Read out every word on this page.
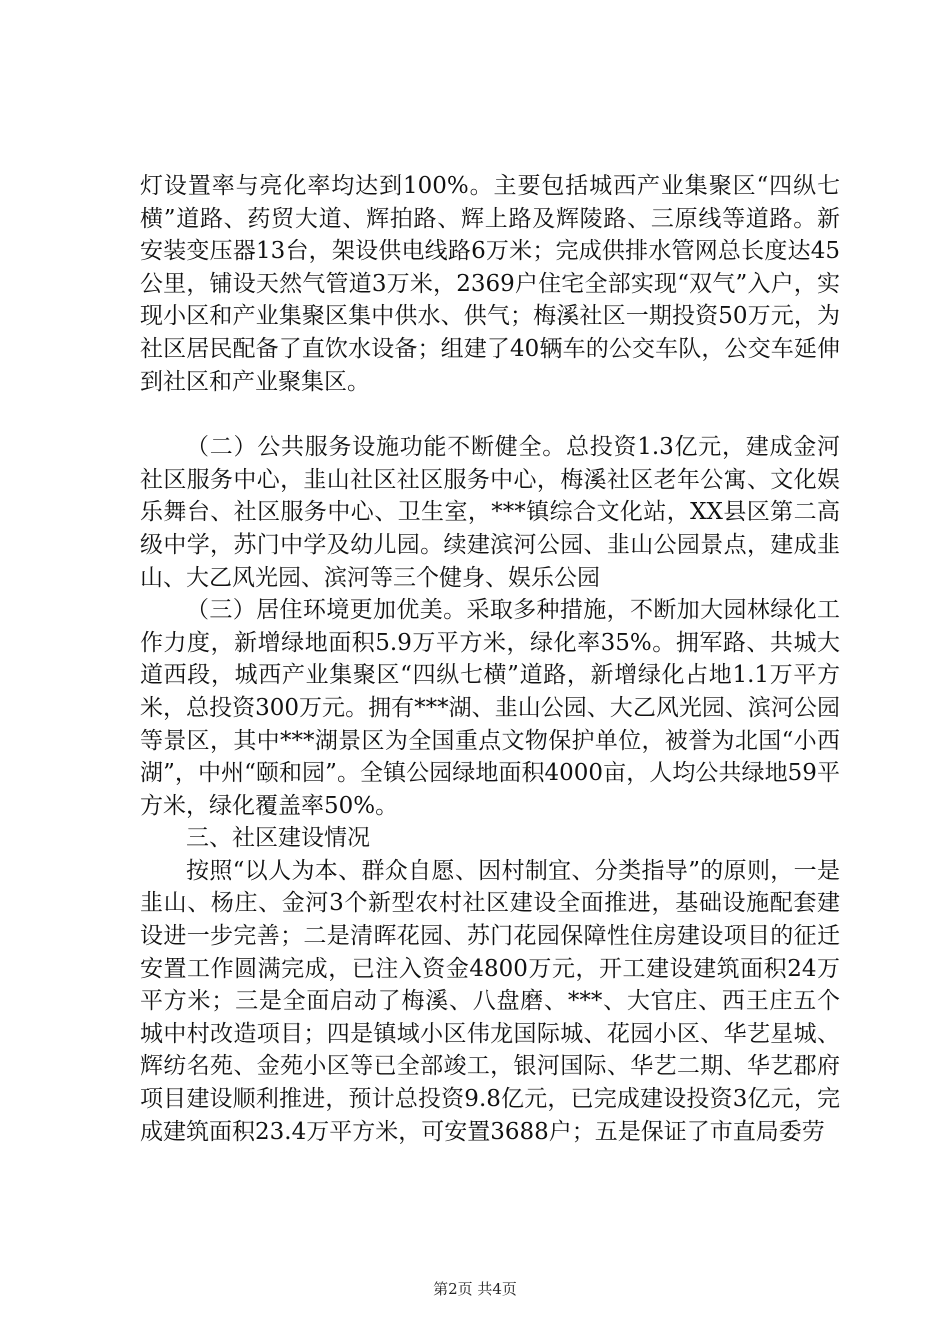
灯设置率与亮化率均达到100%。主要包括城西产业集聚区“四纵七横”道路、药贸大道、辉拍路、辉上路及辉陵路、三原线等道路。新安装变压器13台，架设供电线路6万米；完成供排水管网总长度达45公里，铺设天然气管道3万米，2369户住宅全部实现“双气”入户，实现小区和产业集聚区集中供水、供气；梅溪社区一期投资50万元，为社区居民配备了直饮水设备；组建了40辆车的公交车队，公交车延伸到社区和产业聚集区。

（二）公共服务设施功能不断健全。总投资1.3亿元，建成金河社区服务中心，韭山社区社区服务中心，梅溪社区老年公寓、文化娱乐舞台、社区服务中心、卫生室，***镇综合文化站，XX县区第二高级中学，苏门中学及幼儿园。续建滨河公园、韭山公园景点，建成韭山、大乙风光园、滨河等三个健身、娱乐公园

（三）居住环境更加优美。采取多种措施，不断加大园林绿化工作力度，新增绿地面积5.9万平方米，绿化率35%。拥军路、共城大道西段，城西产业集聚区“四纵七横”道路，新增绿化占地1.1万平方米，总投资300万元。拥有***湖、韭山公园、大乙风光园、滨河公园等景区，其中***湖景区为全国重点文物保护单位，被誉为北国“小西湖”，中州“颐和园”。全镇公园绿地面积4000亩，人均公共绿地59平方米，绿化覆盖率50%。

三、社区建设情况

按照“以人为本、群众自愿、因村制宜、分类指导”的原则，一是韭山、杨庄、金河3个新型农村社区建设全面推进，基础设施配套建设进一步完善；二是清晖花园、苏门花园保障性住房建设项目的征迁安置工作圆满完成，已注入资金4800万元，开工建设建筑面积24万平方米；三是全面启动了梅溪、八盘磨、***、大官庄、西王庄五个城中村改造项目；四是镇域小区伟龙国际城、花园小区、华艺星城、辉纺名苑、金苑小区等已全部竣工，银河国际、华艺二期、华艺郡府项目建设顺利推进，预计总投资9.8亿元，已完成建设投资3亿元，完成建筑面积23.4万平方米，可安置3688户；五是保证了市直局委劳

第2页 共4页
